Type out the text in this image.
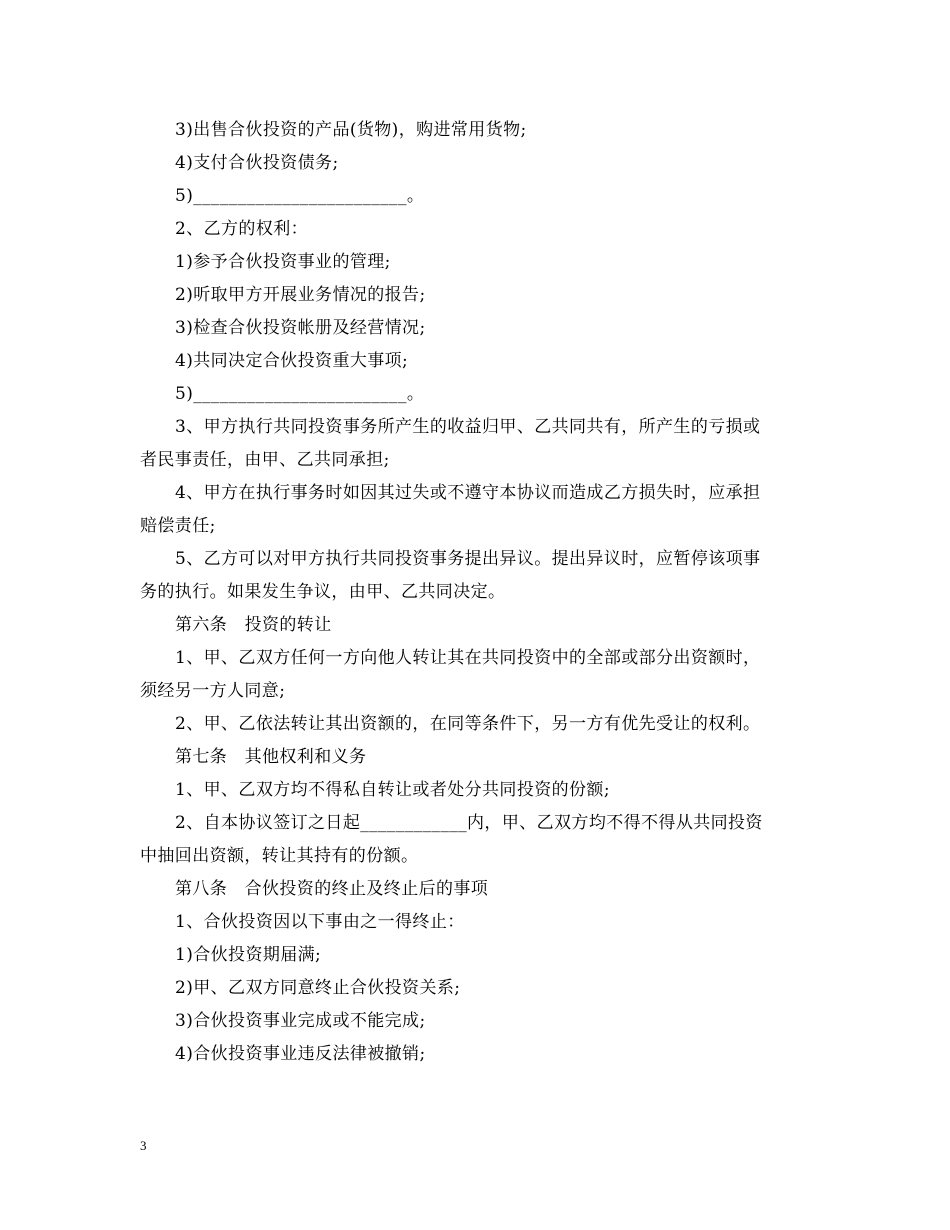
3)出售合伙投资的产品(货物)，购进常用货物;
4)支付合伙投资债务;
5)________________________。
2、乙方的权利：
1)参予合伙投资事业的管理;
2)听取甲方开展业务情况的报告;
3)检查合伙投资帐册及经营情况;
4)共同决定合伙投资重大事项;
5)________________________。
3、甲方执行共同投资事务所产生的收益归甲、乙共同共有，所产生的亏损或
者民事责任，由甲、乙共同承担;
4、甲方在执行事务时如因其过失或不遵守本协议而造成乙方损失时，应承担
赔偿责任;
5、乙方可以对甲方执行共同投资事务提出异议。提出异议时，应暂停该项事
务的执行。如果发生争议，由甲、乙共同决定。
第六条　投资的转让
1、甲、乙双方任何一方向他人转让其在共同投资中的全部或部分出资额时，
须经另一方人同意;
2、甲、乙依法转让其出资额的，在同等条件下，另一方有优先受让的权利。
第七条　其他权利和义务
1、甲、乙双方均不得私自转让或者处分共同投资的份额;
2、自本协议签订之日起____________内，甲、乙双方均不得不得从共同投资
中抽回出资额，转让其持有的份额。
第八条　合伙投资的终止及终止后的事项
1、合伙投资因以下事由之一得终止：
1)合伙投资期届满;
2)甲、乙双方同意终止合伙投资关系;
3)合伙投资事业完成或不能完成;
4)合伙投资事业违反法律被撤销;
3
